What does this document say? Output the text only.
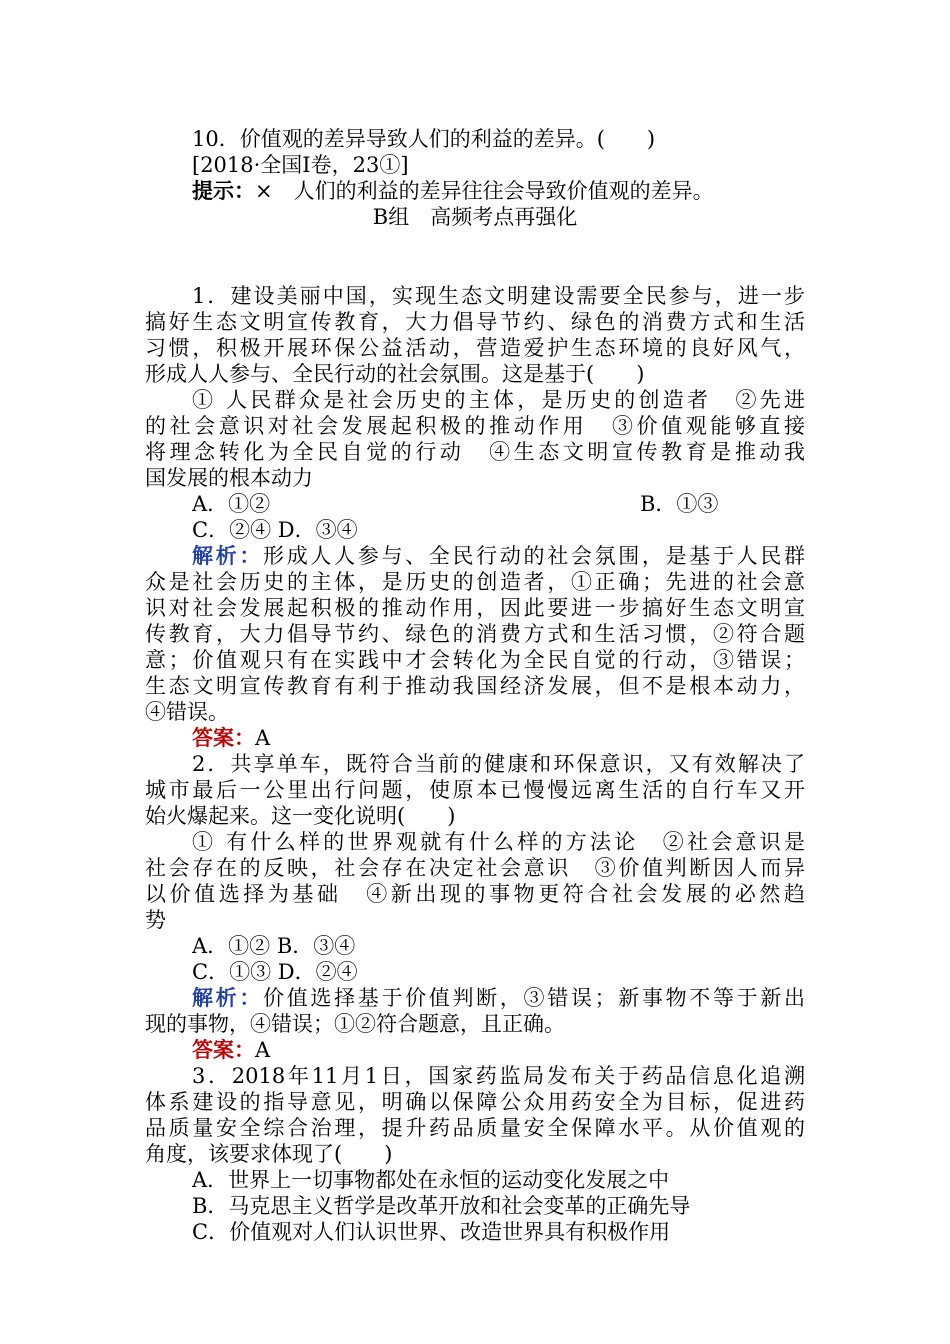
10．价值观的差异导致人们的利益的差异。(　　)
[2018·全国Ⅰ卷，23①]
提示：×　人们的利益的差异往往会导致价值观的差异。
B组　高频考点再强化
1．建设美丽中国，实现生态文明建设需要全民参与，进一步
搞好生态文明宣传教育，大力倡导节约、绿色的消费方式和生活
习惯，积极开展环保公益活动，营造爱护生态环境的良好风气，
形成人人参与、全民行动的社会氛围。这是基于(　　)
① 人民群众是社会历史的主体，是历史的创造者　②先进
的社会意识对社会发展起积极的推动作用　③价值观能够直接
将理念转化为全民自觉的行动　④生态文明宣传教育是推动我
国发展的根本动力
A．①②	B．①③
C．②④ D．③④
解析：形成人人参与、全民行动的社会氛围，是基于人民群
众是社会历史的主体，是历史的创造者，①正确；先进的社会意
识对社会发展起积极的推动作用，因此要进一步搞好生态文明宣
传教育，大力倡导节约、绿色的消费方式和生活习惯，②符合题
意；价值观只有在实践中才会转化为全民自觉的行动，③错误；
生态文明宣传教育有利于推动我国经济发展，但不是根本动力，
④错误。
答案：A
2．共享单车，既符合当前的健康和环保意识，又有效解决了
城市最后一公里出行问题，使原本已慢慢远离生活的自行车又开
始火爆起来。这一变化说明(　　)
① 有什么样的世界观就有什么样的方法论　②社会意识是
社会存在的反映，社会存在决定社会意识　③价值判断因人而异
以价值选择为基础　④新出现的事物更符合社会发展的必然趋
势
A．①② B．③④
C．①③ D．②④
解析：价值选择基于价值判断，③错误；新事物不等于新出
现的事物，④错误；①②符合题意，且正确。
答案：A
3．2018年11月1日，国家药监局发布关于药品信息化追溯
体系建设的指导意见，明确以保障公众用药安全为目标，促进药
品质量安全综合治理，提升药品质量安全保障水平。从价值观的
角度，该要求体现了(　　)
A．世界上一切事物都处在永恒的运动变化发展之中
B．马克思主义哲学是改革开放和社会变革的正确先导
C．价值观对人们认识世界、改造世界具有积极作用
